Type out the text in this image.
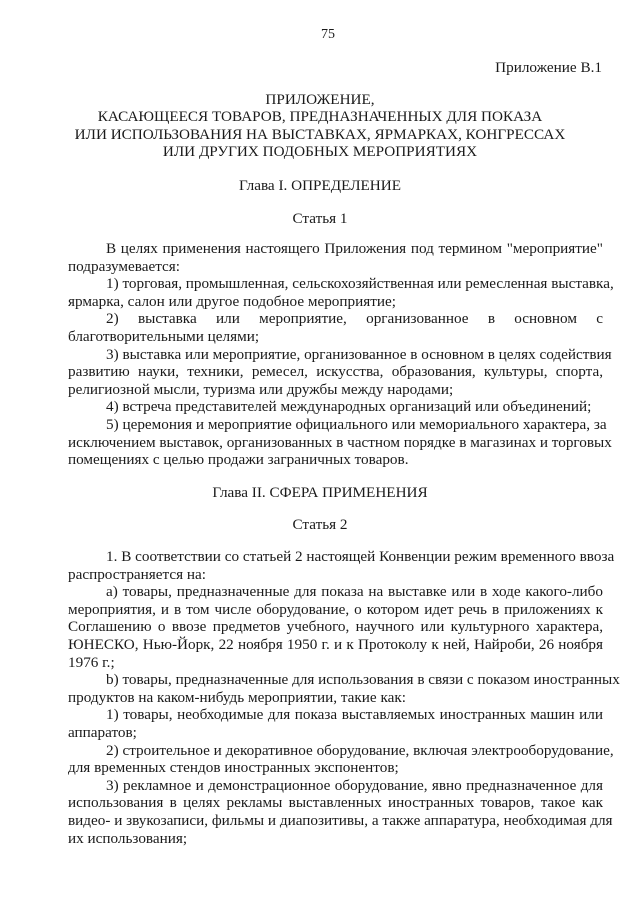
75
Приложение В.1
ПРИЛОЖЕНИЕ,
КАСАЮЩЕЕСЯ ТОВАРОВ, ПРЕДНАЗНАЧЕННЫХ ДЛЯ ПОКАЗА
ИЛИ ИСПОЛЬЗОВАНИЯ НА ВЫСТАВКАХ, ЯРМАРКАХ, КОНГРЕССАХ
ИЛИ ДРУГИХ ПОДОБНЫХ МЕРОПРИЯТИЯХ
Глава I. ОПРЕДЕЛЕНИЕ
Статья 1
В целях применения настоящего Приложения под термином "мероприятие"
подразумевается:
1) торговая, промышленная, сельскохозяйственная или ремесленная выставка,
ярмарка, салон или другое подобное мероприятие;
2) выставка или мероприятие, организованное в основном с
благотворительными целями;
3) выставка или мероприятие, организованное в основном в целях содействия
развитию науки, техники, ремесел, искусства, образования, культуры, спорта,
религиозной мысли, туризма или дружбы между народами;
4) встреча представителей международных организаций или объединений;
5) церемония и мероприятие официального или мемориального характера, за
исключением выставок, организованных в частном порядке в магазинах и торговых
помещениях с целью продажи заграничных товаров.
Глава II. СФЕРА ПРИМЕНЕНИЯ
Статья 2
1. В соответствии со статьей 2 настоящей Конвенции режим временного ввоза
распространяется на:
а) товары, предназначенные для показа на выставке или в ходе какого-либо
мероприятия, и в том числе оборудование, о котором идет речь в приложениях к
Соглашению о ввозе предметов учебного, научного или культурного характера,
ЮНЕСКО, Нью-Йорк, 22 ноября 1950 г. и к Протоколу к ней, Найроби, 26 ноября
1976 г.;
b) товары, предназначенные для использования в связи с показом иностранных
продуктов на каком-нибудь мероприятии, такие как:
1) товары, необходимые для показа выставляемых иностранных машин или
аппаратов;
2) строительное и декоративное оборудование, включая электрооборудование,
для временных стендов иностранных экспонентов;
3) рекламное и демонстрационное оборудование, явно предназначенное для
использования в целях рекламы выставленных иностранных товаров, такое как
видео- и звукозаписи, фильмы и диапозитивы, а также аппаратура, необходимая для
их использования;
